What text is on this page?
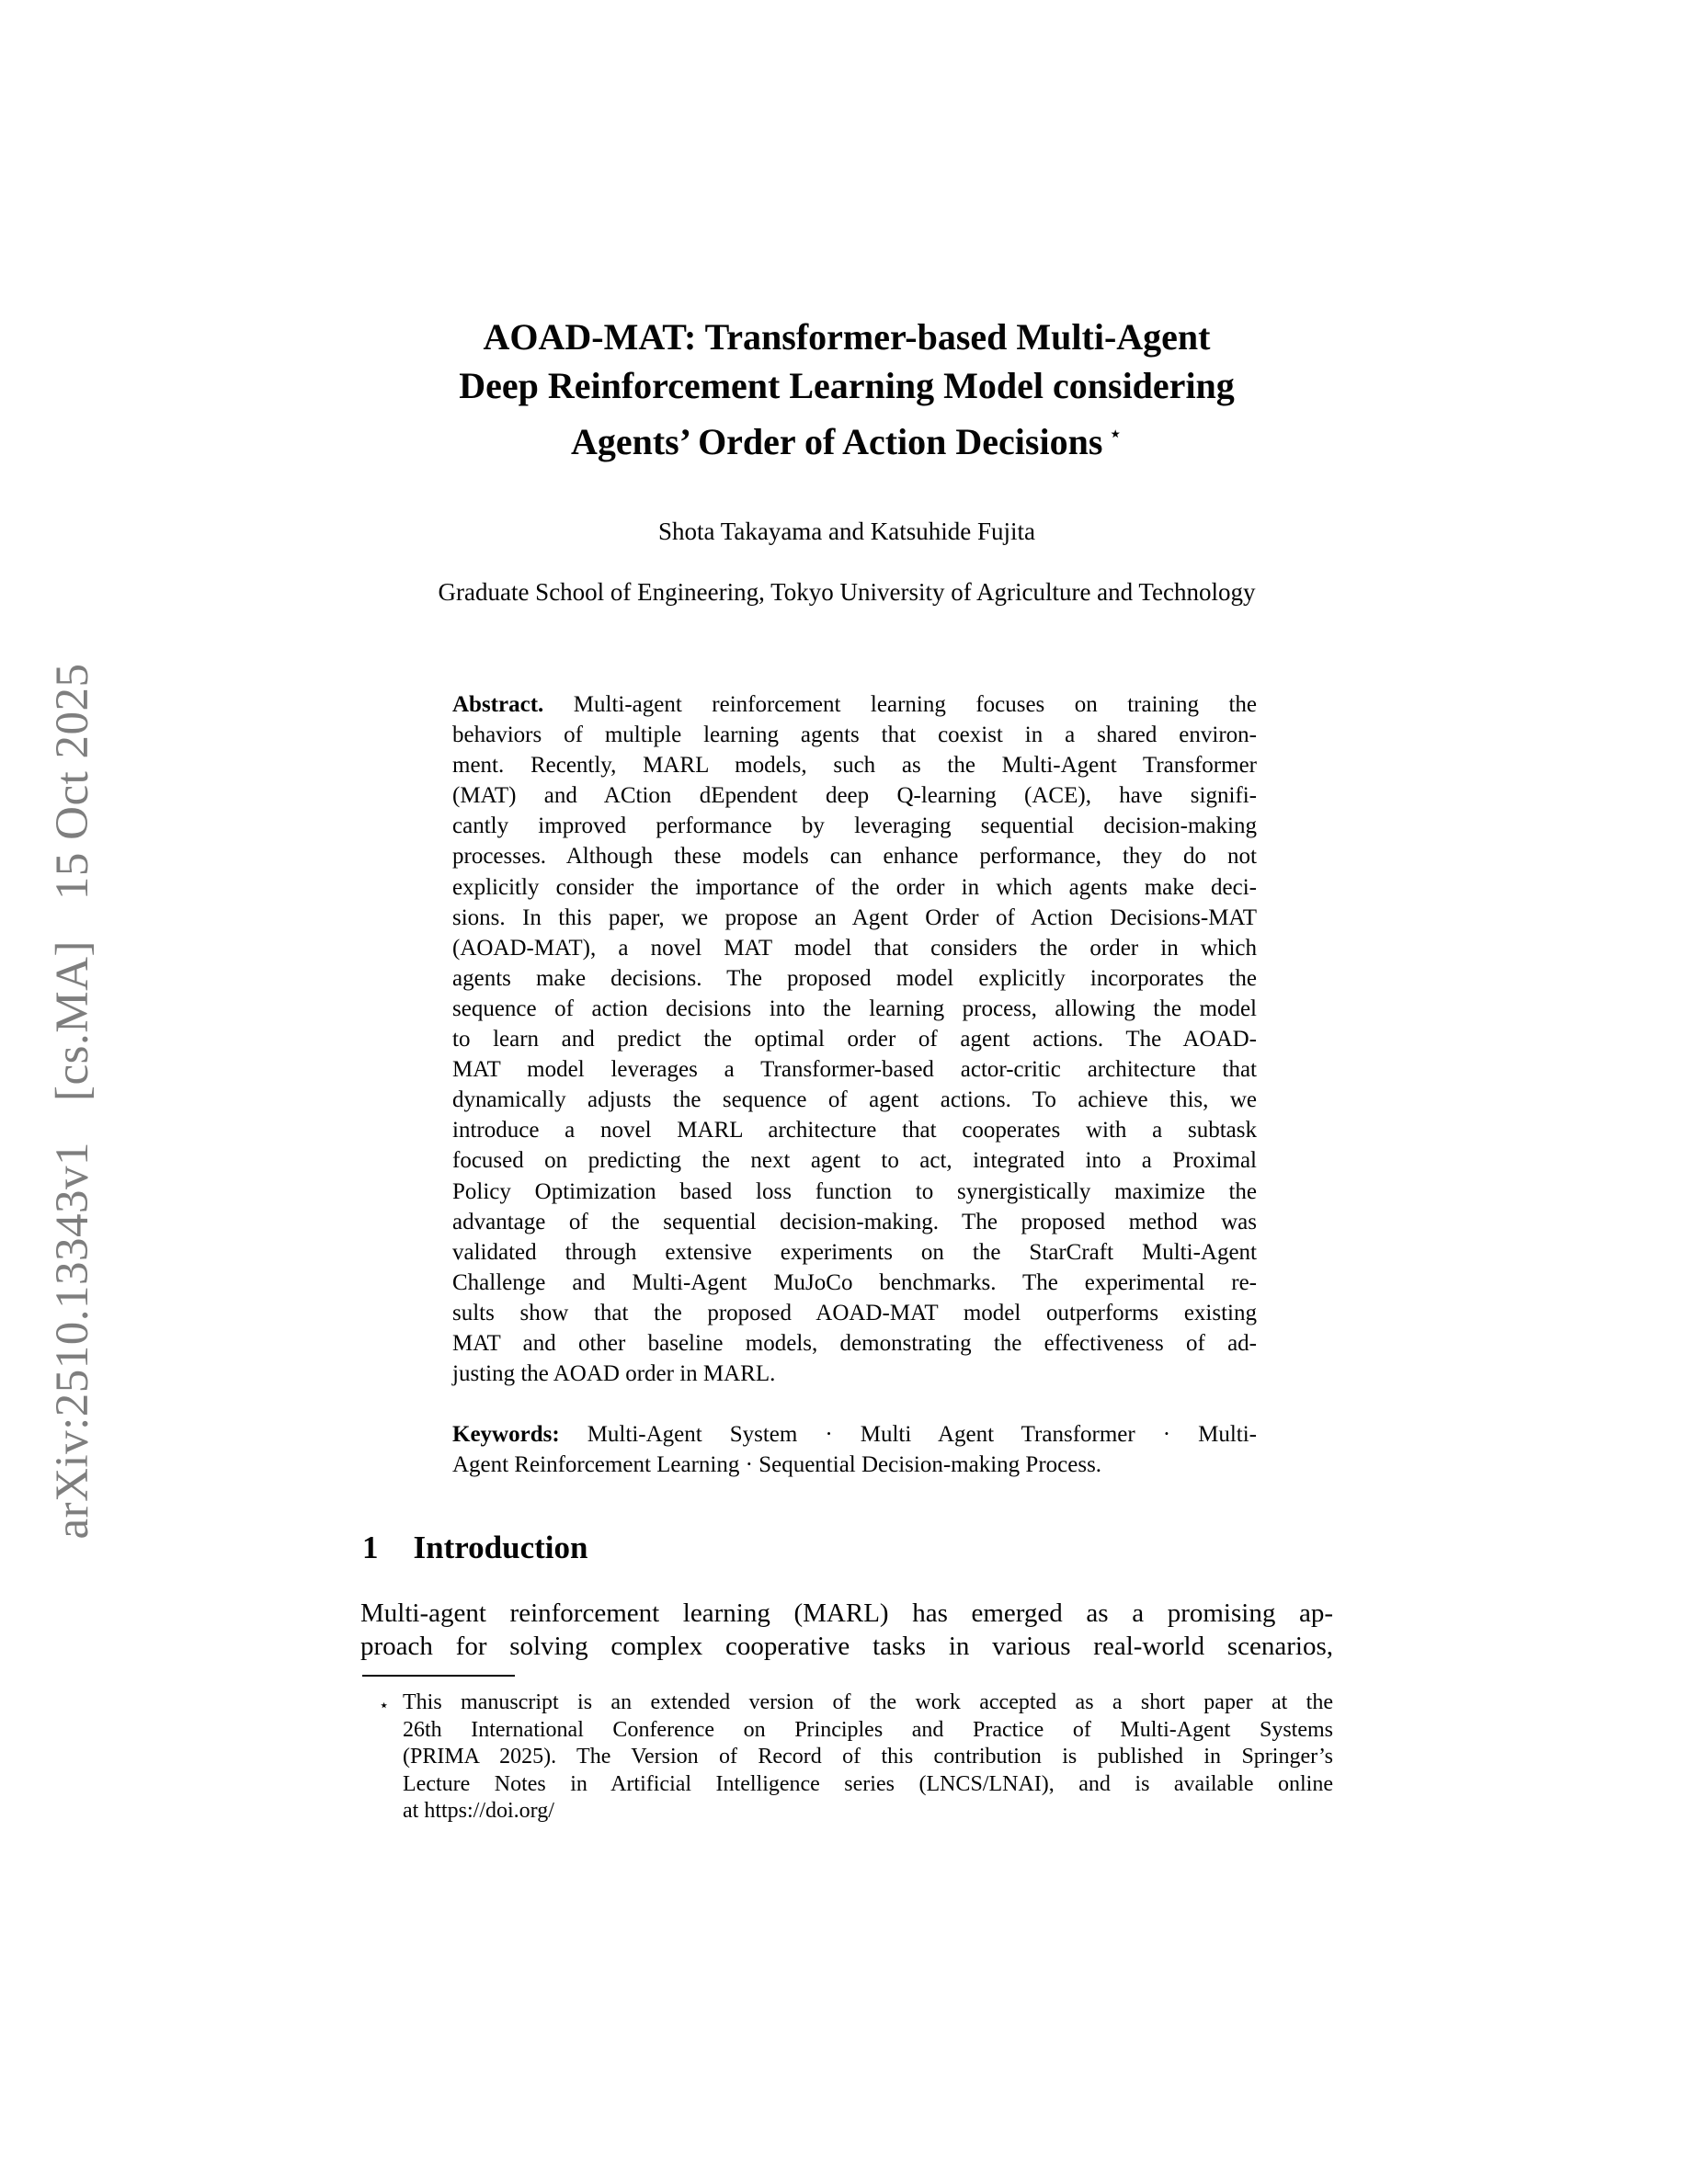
arXiv:2510.13343v1
[cs.MA]
15 Oct 2025
AOAD-MAT: Transformer-based Multi-Agent
Deep Reinforcement Learning Model considering
Agents’ Order of Action Decisions ⋆
Shota Takayama and Katsuhide Fujita
Graduate School of Engineering, Tokyo University of Agriculture and Technology
Abstract. Multi-agent reinforcement learning focuses on training the
behaviors of multiple learning agents that coexist in a shared environ-
ment. Recently, MARL models, such as the Multi-Agent Transformer
(MAT) and ACtion dEpendent deep Q-learning (ACE), have signifi-
cantly improved performance by leveraging sequential decision-making
processes. Although these models can enhance performance, they do not
explicitly consider the importance of the order in which agents make deci-
sions. In this paper, we propose an Agent Order of Action Decisions-MAT
(AOAD-MAT), a novel MAT model that considers the order in which
agents make decisions. The proposed model explicitly incorporates the
sequence of action decisions into the learning process, allowing the model
to learn and predict the optimal order of agent actions. The AOAD-
MAT model leverages a Transformer-based actor-critic architecture that
dynamically adjusts the sequence of agent actions. To achieve this, we
introduce a novel MARL architecture that cooperates with a subtask
focused on predicting the next agent to act, integrated into a Proximal
Policy Optimization based loss function to synergistically maximize the
advantage of the sequential decision-making. The proposed method was
validated through extensive experiments on the StarCraft Multi-Agent
Challenge and Multi-Agent MuJoCo benchmarks. The experimental re-
sults show that the proposed AOAD-MAT model outperforms existing
MAT and other baseline models, demonstrating the effectiveness of ad-
justing the AOAD order in MARL.
Keywords: Multi-Agent System · Multi Agent Transformer · Multi-
Agent Reinforcement Learning · Sequential Decision-making Process.
1 Introduction
Multi-agent reinforcement learning (MARL) has emerged as a promising ap-
proach for solving complex cooperative tasks in various real-world scenarios,
⋆ This manuscript is an extended version of the work accepted as a short paper at the
26th International Conference on Principles and Practice of Multi-Agent Systems
(PRIMA 2025). The Version of Record of this contribution is published in Springer’s
Lecture Notes in Artificial Intelligence series (LNCS/LNAI), and is available online
at https://doi.org/
